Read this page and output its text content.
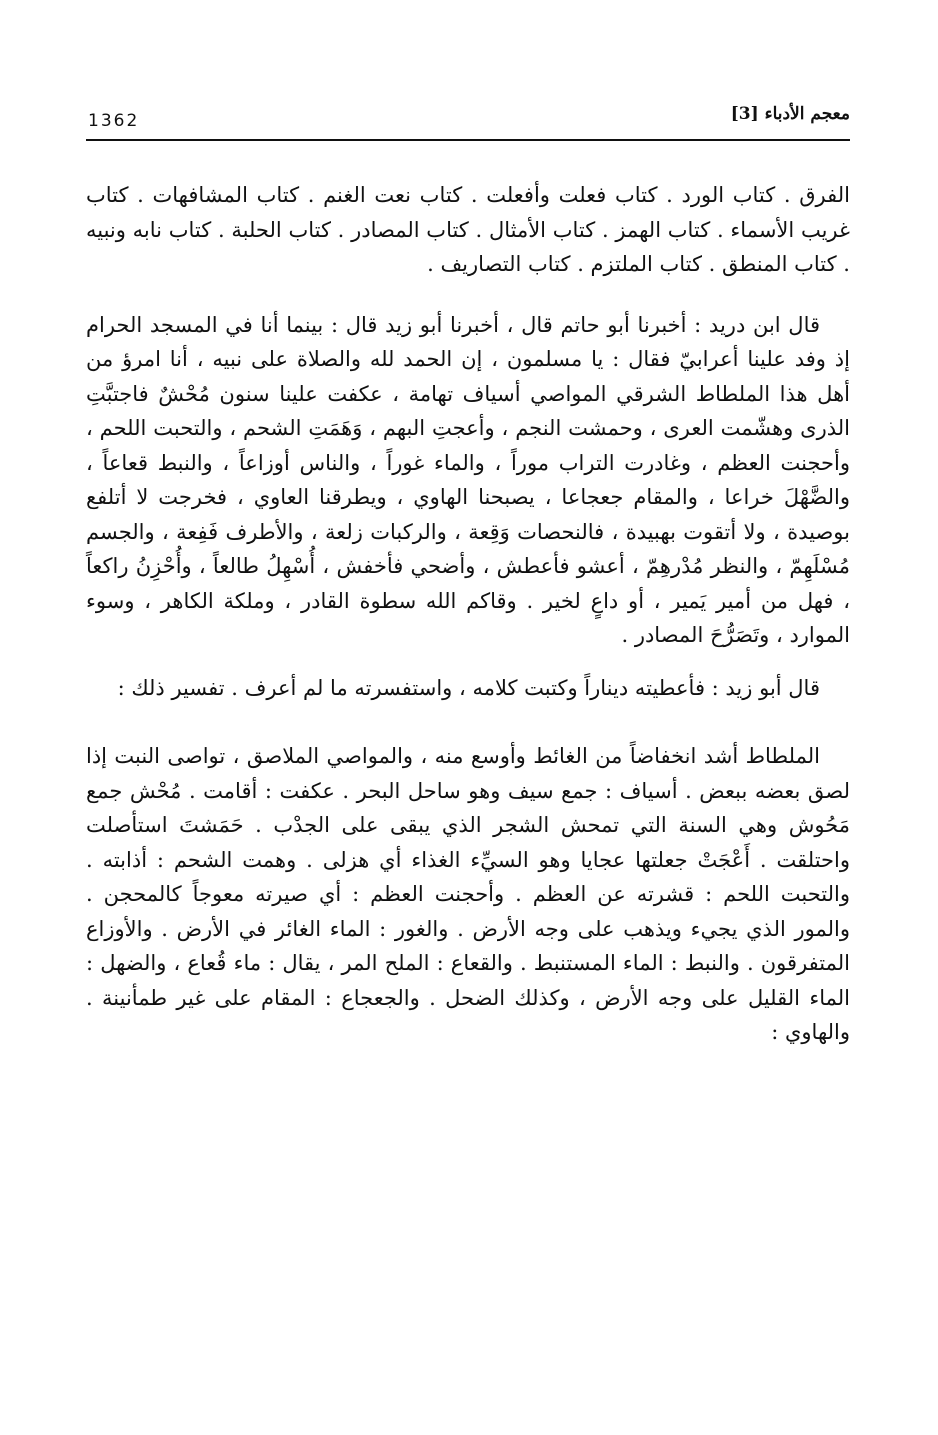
1362	معجم الأدباء [3]

الفرق . كتاب الورد . كتاب فعلت وأفعلت . كتاب نعت الغنم . كتاب المشافهات . كتاب غريب الأسماء . كتاب الهمز . كتاب الأمثال . كتاب المصادر . كتاب الحلبة . كتاب نابه ونبيه . كتاب المنطق . كتاب الملتزم . كتاب التصاريف .

قال ابن دريد : أخبرنا أبو حاتم قال ، أخبرنا أبو زيد قال : بينما أنا في المسجد الحرام إذ وفد علينا أعرابيّ فقال : يا مسلمون ، إن الحمد لله والصلاة على نبيه ، أنا امرؤ من أهل هذا الملطاط الشرقي المواصي أسياف تهامة ، عكفت علينا سنون مُحْشٌ فاجتبَّتِ الذرى وهشّمت العرى ، وحمشت النجم ، وأعجتِ البهم ، وَهَمَتِ الشحم ، والتحبت اللحم ، وأحجنت العظم ، وغادرت التراب موراً ، والماء غوراً ، والناس أوزاعاً ، والنبط قعاعاً ، والضَّهْلَ خراعا ، والمقام جعجاعا ، يصبحنا الهاوي ، ويطرقنا العاوي ، فخرجت لا أتلفع بوصيدة ، ولا أتقوت بهبيدة ، فالنحصات وَقِعة ، والركبات زلعة ، والأطرف فَفِعة ، والجسم مُسْلَهِمّ ، والنظر مُدْرهِمّ ، أعشو فأعطش ، وأضحي فأخفش ، أُسْهِلُ طالعاً ، وأُحْزِنُ راكعاً ، فهل من أمير يَمير ، أو داعٍ لخير . وقاكم الله سطوة القادر ، وملكة الكاهر ، وسوء الموارد ، وتَصَرُّحَ المصادر .

قال أبو زيد : فأعطيته ديناراً وكتبت كلامه ، واستفسرته ما لم أعرف . تفسير ذلك :

الملطاط أشد انخفاضاً من الغائط وأوسع منه ، والمواصي الملاصق ، تواصى النبت إذا لصق بعضه ببعض . أسياف : جمع سيف وهو ساحل البحر . عكفت : أقامت . مُحْش جمع مَحُوش وهي السنة التي تمحش الشجر الذي يبقى على الجدْب . حَمَشتَ استأصلت واحتلقت . أَعْجَتْ جعلتها عجايا وهو السيِّء الغذاء أي هزلى . وهمت الشحم : أذابته . والتحبت اللحم : قشرته عن العظم . وأحجنت العظم : أي صيرته معوجاً كالمحجن . والمور الذي يجيء ويذهب على وجه الأرض . والغور : الماء الغائر في الأرض . والأوزاع المتفرقون . والنبط : الماء المستنبط . والقعاع : الملح المر ، يقال : ماء قُعاع ، والضهل : الماء القليل على وجه الأرض ، وكذلك الضحل . والجعجاع : المقام على غير طمأنينة . والهاوي :
